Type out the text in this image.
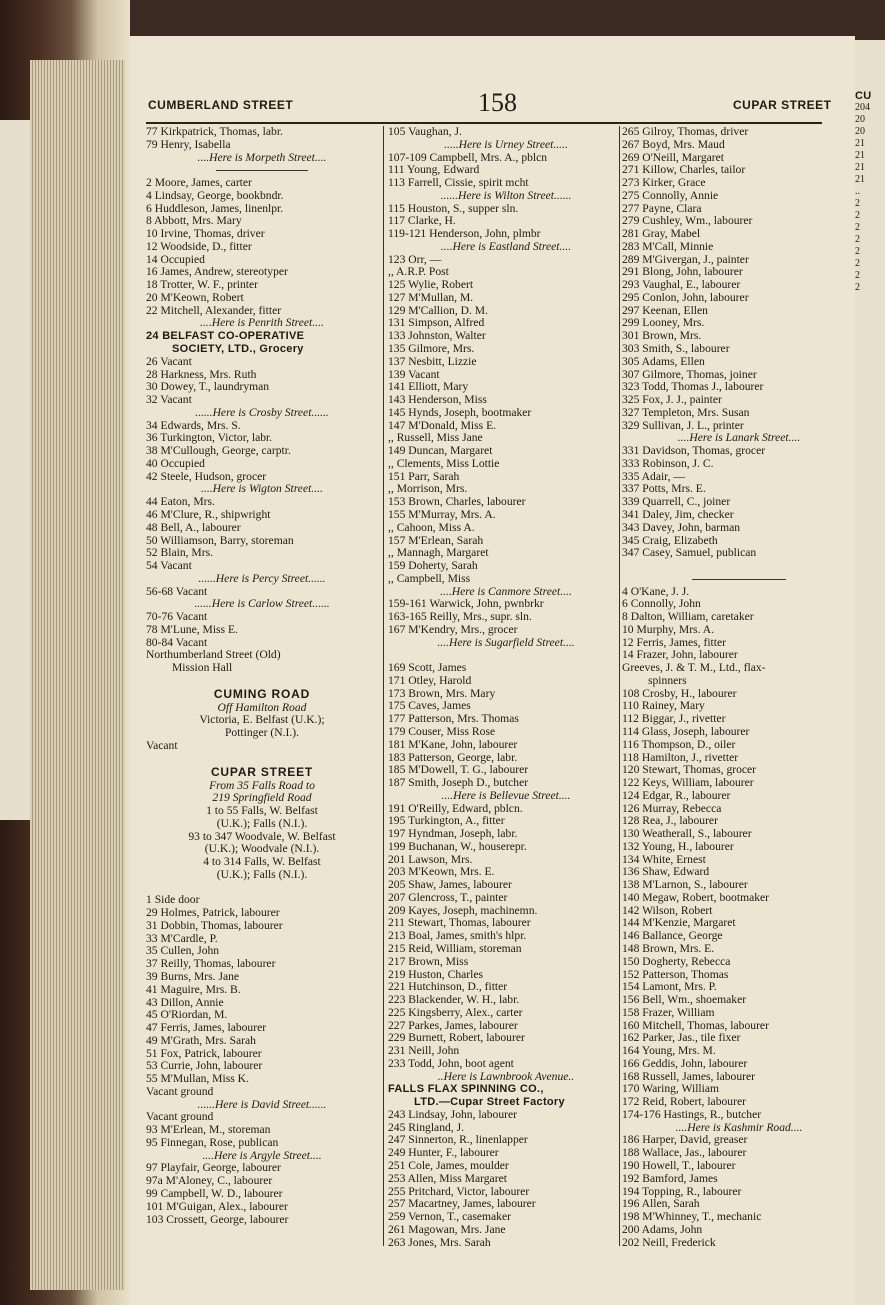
CU
204
20
20
21
21
21
21
..
2
2
2
2
2
2
2
2
CUMBERLAND STREET	158	CUPAR STREET
77 Kirkpatrick, Thomas, labr.
79 Henry, Isabella
....Here is Morpeth Street....
2 Moore, James, carter
4 Lindsay, George, bookbndr.
6 Huddleson, James, linenlpr.
8 Abbott, Mrs. Mary
10 Irvine, Thomas, driver
12 Woodside, D., fitter
14 Occupied
16 James, Andrew, stereotyper
18 Trotter, W. F., printer
20 M'Keown, Robert
22 Mitchell, Alexander, fitter
....Here is Penrith Street....
24 BELFAST CO-OPERATIVE
SOCIETY, LTD., Grocery
26 Vacant
28 Harkness, Mrs. Ruth
30 Dowey, T., laundryman
32 Vacant
......Here is Crosby Street......
34 Edwards, Mrs. S.
36 Turkington, Victor, labr.
38 M'Cullough, George, carptr.
40 Occupied
42 Steele, Hudson, grocer
....Here is Wigton Street....
44 Eaton, Mrs.
46 M'Clure, R., shipwright
48 Bell, A., labourer
50 Williamson, Barry, storeman
52 Blain, Mrs.
54 Vacant
......Here is Percy Street......
56-68 Vacant
......Here is Carlow Street......
70-76 Vacant
78 M'Lune, Miss E.
80-84 Vacant
Northumberland Street (Old)
Mission Hall
CUMING ROAD
Off Hamilton Road
Victoria, E. Belfast (U.K.);
Pottinger (N.I.).
Vacant
CUPAR STREET
From 35 Falls Road to
219 Springfield Road
1 to 55 Falls, W. Belfast
(U.K.); Falls (N.I.).
93 to 347 Woodvale, W. Belfast
(U.K.); Woodvale (N.I.).
4 to 314 Falls, W. Belfast
(U.K.); Falls (N.I.).
1 Side door
29 Holmes, Patrick, labourer
31 Dobbin, Thomas, labourer
33 M'Cardle, P.
35 Cullen, John
37 Reilly, Thomas, labourer
39 Burns, Mrs. Jane
41 Maguire, Mrs. B.
43 Dillon, Annie
45 O'Riordan, M.
47 Ferris, James, labourer
49 M'Grath, Mrs. Sarah
51 Fox, Patrick, labourer
53 Currie, John, labourer
55 M'Mullan, Miss K.
Vacant ground
......Here is David Street......
Vacant ground
93 M'Erlean, M., storeman
95 Finnegan, Rose, publican
....Here is Argyle Street....
97 Playfair, George, labourer
97a M'Aloney, C., labourer
99 Campbell, W. D., labourer
101 M'Guigan, Alex., labourer
103 Crossett, George, labourer
105 Vaughan, J.
.....Here is Urney Street.....
107-109 Campbell, Mrs. A., pblcn
111 Young, Edward
113 Farrell, Cissie, spirit mcht
......Here is Wilton Street......
115 Houston, S., supper sln.
117 Clarke, H.
119-121 Henderson, John, plmbr
....Here is Eastland Street....
123 Orr, —
,, A.R.P. Post
125 Wylie, Robert
127 M'Mullan, M.
129 M'Callion, D. M.
131 Simpson, Alfred
133 Johnston, Walter
135 Gilmore, Mrs.
137 Nesbitt, Lizzie
139 Vacant
141 Elliott, Mary
143 Henderson, Miss
145 Hynds, Joseph, bootmaker
147 M'Donald, Miss E.
,, Russell, Miss Jane
149 Duncan, Margaret
,, Clements, Miss Lottie
151 Parr, Sarah
,, Morrison, Mrs.
153 Brown, Charles, labourer
155 M'Murray, Mrs. A.
,, Cahoon, Miss A.
157 M'Erlean, Sarah
,, Mannagh, Margaret
159 Doherty, Sarah
,, Campbell, Miss
....Here is Canmore Street....
159-161 Warwick, John, pwnbrkr
163-165 Reilly, Mrs., supr. sln.
167 M'Kendry, Mrs., grocer
....Here is Sugarfield Street....
169 Scott, James
171 Otley, Harold
173 Brown, Mrs. Mary
175 Caves, James
177 Patterson, Mrs. Thomas
179 Couser, Miss Rose
181 M'Kane, John, labourer
183 Patterson, George, labr.
185 M'Dowell, T. G., labourer
187 Smith, Joseph D., butcher
....Here is Bellevue Street....
191 O'Reilly, Edward, pblcn.
195 Turkington, A., fitter
197 Hyndman, Joseph, labr.
199 Buchanan, W., houserepr.
201 Lawson, Mrs.
203 M'Keown, Mrs. E.
205 Shaw, James, labourer
207 Glencross, T., painter
209 Kayes, Joseph, machinemn.
211 Stewart, Thomas, labourer
213 Boal, James, smith's hlpr.
215 Reid, William, storeman
217 Brown, Miss
219 Huston, Charles
221 Hutchinson, D., fitter
223 Blackender, W. H., labr.
225 Kingsberry, Alex., carter
227 Parkes, James, labourer
229 Burnett, Robert, labourer
231 Neill, John
233 Todd, John, boot agent
..Here is Lawnbrook Avenue..
FALLS FLAX SPINNING CO.,
LTD.—Cupar Street Factory
243 Lindsay, John, labourer
245 Ringland, J.
247 Sinnerton, R., linenlapper
249 Hunter, F., labourer
251 Cole, James, moulder
253 Allen, Miss Margaret
255 Pritchard, Victor, labourer
257 Macartney, James, labourer
259 Vernon, T., casemaker
261 Magowan, Mrs. Jane
263 Jones, Mrs. Sarah
265 Gilroy, Thomas, driver
267 Boyd, Mrs. Maud
269 O'Neill, Margaret
271 Killow, Charles, tailor
273 Kirker, Grace
275 Connolly, Annie
277 Payne, Clara
279 Cushley, Wm., labourer
281 Gray, Mabel
283 M'Call, Minnie
289 M'Givergan, J., painter
291 Blong, John, labourer
293 Vaughal, E., labourer
295 Conlon, John, labourer
297 Keenan, Ellen
299 Looney, Mrs.
301 Brown, Mrs.
303 Smith, S., labourer
305 Adams, Ellen
307 Gilmore, Thomas, joiner
323 Todd, Thomas J., labourer
325 Fox, J. J., painter
327 Templeton, Mrs. Susan
329 Sullivan, J. L., printer
....Here is Lanark Street....
331 Davidson, Thomas, grocer
333 Robinson, J. C.
335 Adair, —
337 Potts, Mrs. E.
339 Quarrell, C., joiner
341 Daley, Jim, checker
343 Davey, John, barman
345 Craig, Elizabeth
347 Casey, Samuel, publican
4 O'Kane, J. J.
6 Connolly, John
8 Dalton, William, caretaker
10 Murphy, Mrs. A.
12 Ferris, James, fitter
14 Frazer, John, labourer
Greeves, J. & T. M., Ltd., flax-
spinners
108 Crosby, H., labourer
110 Rainey, Mary
112 Biggar, J., rivetter
114 Glass, Joseph, labourer
116 Thompson, D., oiler
118 Hamilton, J., rivetter
120 Stewart, Thomas, grocer
122 Keys, William, labourer
124 Edgar, R., labourer
126 Murray, Rebecca
128 Rea, J., labourer
130 Weatherall, S., labourer
132 Young, H., labourer
134 White, Ernest
136 Shaw, Edward
138 M'Larnon, S., labourer
140 Megaw, Robert, bootmaker
142 Wilson, Robert
144 M'Kenzie, Margaret
146 Ballance, George
148 Brown, Mrs. E.
150 Dogherty, Rebecca
152 Patterson, Thomas
154 Lamont, Mrs. P.
156 Bell, Wm., shoemaker
158 Frazer, William
160 Mitchell, Thomas, labourer
162 Parker, Jas., tile fixer
164 Young, Mrs. M.
166 Geddis, John, labourer
168 Russell, James, labourer
170 Waring, William
172 Reid, Robert, labourer
174-176 Hastings, R., butcher
....Here is Kashmir Road....
186 Harper, David, greaser
188 Wallace, Jas., labourer
190 Howell, T., labourer
192 Bamford, James
194 Topping, R., labourer
196 Allen, Sarah
198 M'Whinney, T., mechanic
200 Adams, John
202 Neill, Frederick
